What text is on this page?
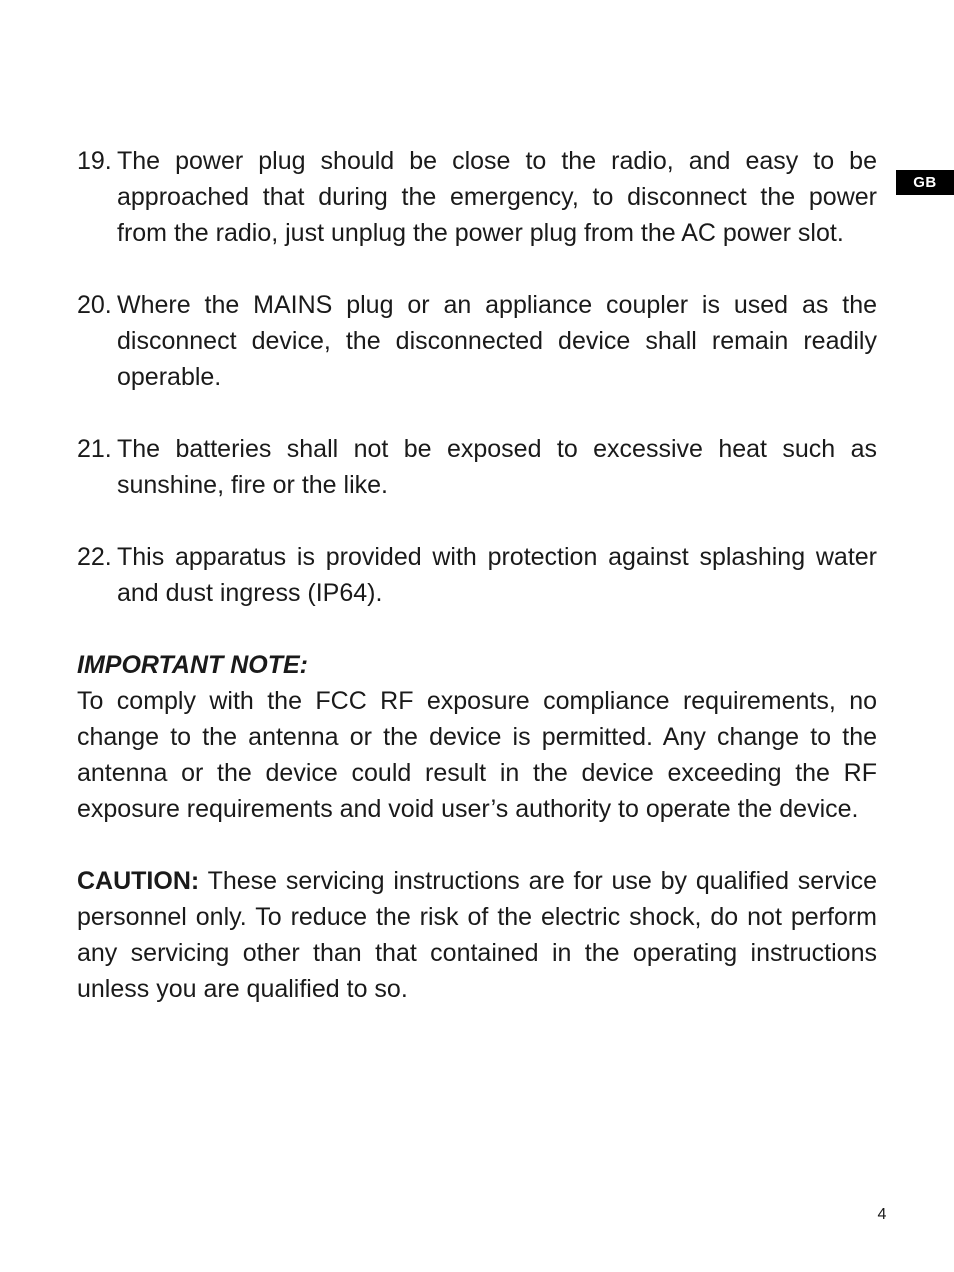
GB
19. The power plug should be close to the radio, and easy to be approached that during the emergency, to disconnect the power from the radio, just unplug the power plug from the AC power slot.
20. Where the MAINS plug or an appliance coupler is used as the disconnect device, the disconnected device shall remain readily operable.
21. The batteries shall not be exposed to excessive heat such as sunshine, fire or the like.
22. This apparatus is provided with protection against splashing water and dust ingress (IP64).

IMPORTANT NOTE:

To comply with the FCC RF exposure compliance requirements, no change to the antenna or the device is permitted. Any change to the antenna or the device could result in the device exceeding the RF exposure requirements and void user’s authority to operate the device.

CAUTION: These servicing instructions are for use by qualified service personnel only. To reduce the risk of the electric shock, do not perform any servicing other than that contained in the operating instructions unless you are qualified to so.

4
